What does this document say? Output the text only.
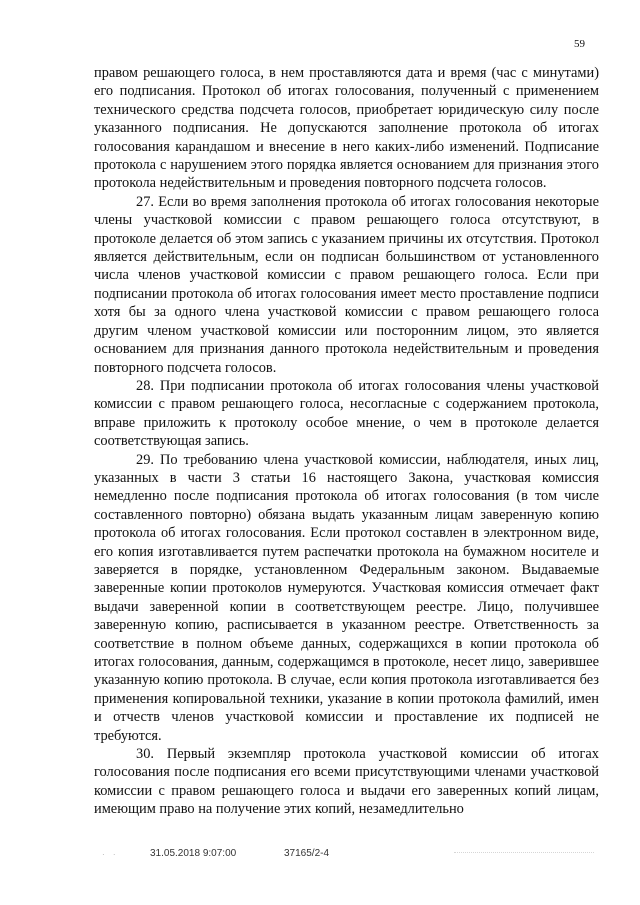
59
правом решающего голоса, в нем проставляются дата и время (час с минутами) его подписания. Протокол об итогах голосования, полученный с применением технического средства подсчета голосов, приобретает юридическую силу после указанного подписания. Не допускаются заполнение протокола об итогах голосования карандашом и внесение в него каких-либо изменений. Подписание протокола с нарушением этого порядка является основанием для признания этого протокола недействительным и проведения повторного подсчета голосов.
27. Если во время заполнения протокола об итогах голосования некоторые члены участковой комиссии с правом решающего голоса отсутствуют, в протоколе делается об этом запись с указанием причины их отсутствия. Протокол является действительным, если он подписан большинством от установленного числа членов участковой комиссии с правом решающего голоса. Если при подписании протокола об итогах голосования имеет место проставление подписи хотя бы за одного члена участковой комиссии с правом решающего голоса другим членом участковой комиссии или посторонним лицом, это является основанием для признания данного протокола недействительным и проведения повторного подсчета голосов.
28. При подписании протокола об итогах голосования члены участковой комиссии с правом решающего голоса, несогласные с содержанием протокола, вправе приложить к протоколу особое мнение, о чем в протоколе делается соответствующая запись.
29. По требованию члена участковой комиссии, наблюдателя, иных лиц, указанных в части 3 статьи 16 настоящего Закона, участковая комиссия немедленно после подписания протокола об итогах голосования (в том числе составленного повторно) обязана выдать указанным лицам заверенную копию протокола об итогах голосования. Если протокол составлен в электронном виде, его копия изготавливается путем распечатки протокола на бумажном носителе и заверяется в порядке, установленном Федеральным законом. Выдаваемые заверенные копии протоколов нумеруются. Участковая комиссия отмечает факт выдачи заверенной копии в соответствующем реестре. Лицо, получившее заверенную копию, расписывается в указанном реестре. Ответственность за соответствие в полном объеме данных, содержащихся в копии протокола об итогах голосования, данным, содержащимся в протоколе, несет лицо, заверившее указанную копию протокола. В случае, если копия протокола изготавливается без применения копировальной техники, указание в копии протокола фамилий, имен и отчеств членов участковой комиссии и проставление их подписей не требуются.
30. Первый экземпляр протокола участковой комиссии об итогах голосования после подписания его всеми присутствующими членами участковой комиссии с правом решающего голоса и выдачи его заверенных копий лицам, имеющим право на получение этих копий, незамедлительно
· ·	31.05.2018 9:07:00	37165/2-4
